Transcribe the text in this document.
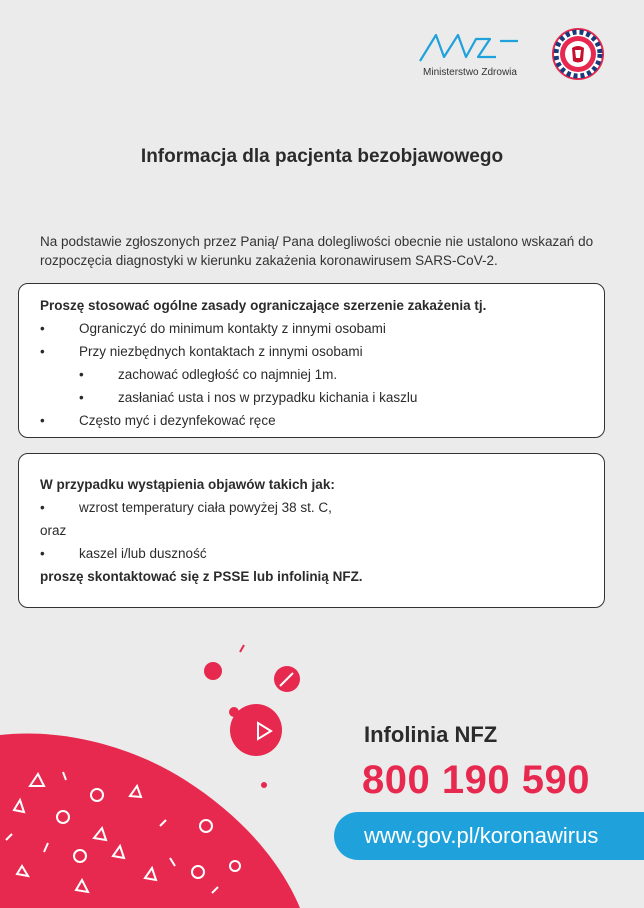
Ministerstwo Zdrowia
Informacja dla pacjenta bezobjawowego

Na podstawie zgłoszonych przez Panią/ Pana dolegliwości obecnie nie ustalono wskazań do rozpoczęcia diagnostyki w kierunku zakażenia koronawirusem SARS-CoV-2.

Proszę stosować ogólne zasady ograniczające szerzenie zakażenia tj.
•	Ograniczyć do minimum kontakty z innymi osobami
•	Przy niezbędnych kontaktach z innymi osobami
•	zachować odległość co najmniej 1m.
•	zasłaniać usta i nos w przypadku kichania i kaszlu
•	Często myć i dezynfekować ręce
W przypadku wystąpienia objawów takich jak:
•	wzrost temperatury ciała powyżej 38 st. C,
oraz
•	kaszel i/lub duszność
proszę skontaktować się z PSSE lub infolinią NFZ.
Infolinia NFZ
800 190 590
www.gov.pl/koronawirus
